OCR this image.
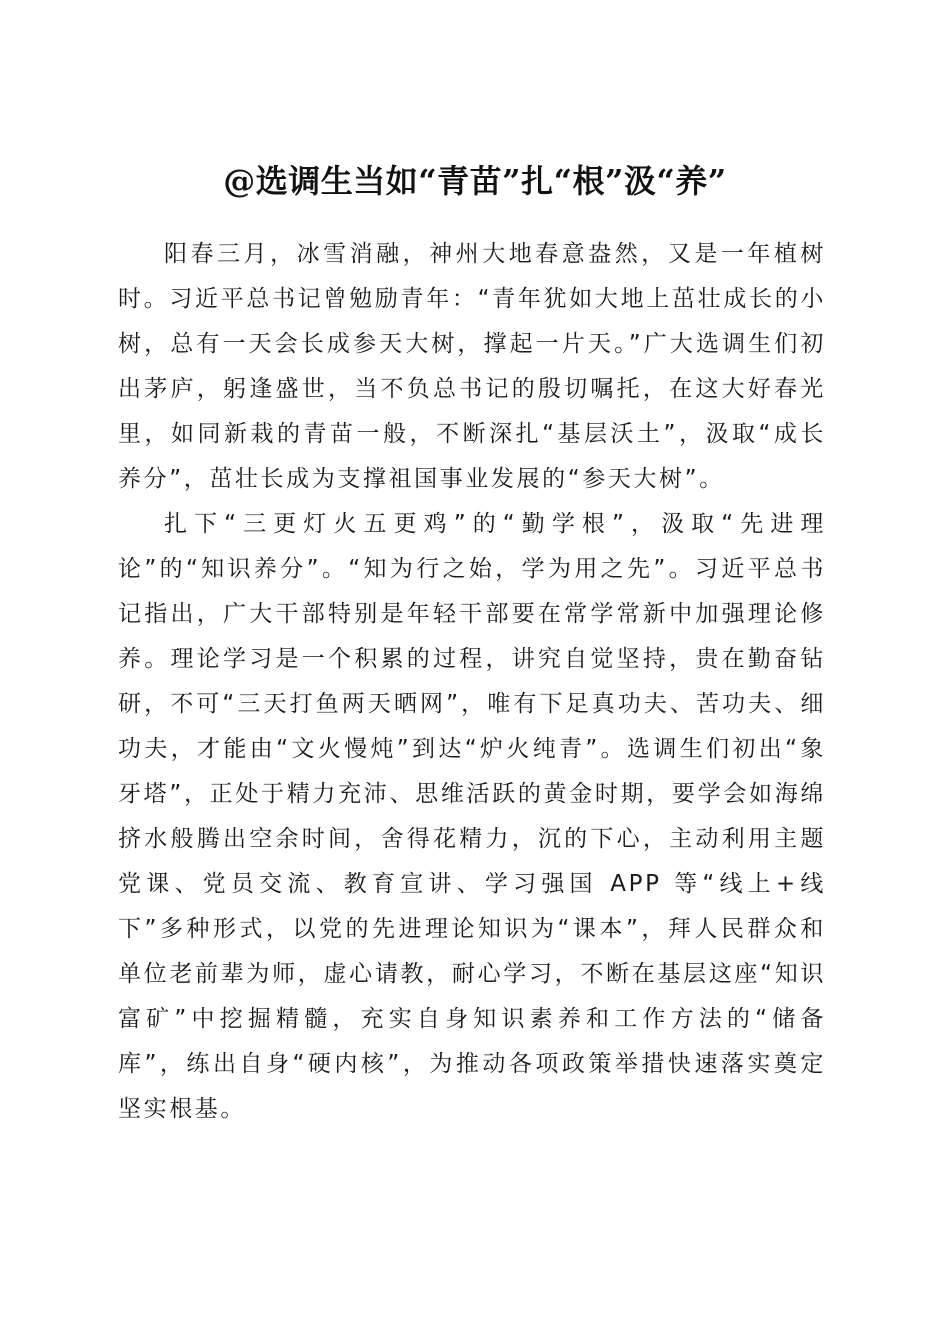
@选调生当如“青苗”扎“根”汲“养”

阳春三月，冰雪消融，神州大地春意盎然，又是一年植树时。习近平总书记曾勉励青年：“青年犹如大地上茁壮成长的小树，总有一天会长成参天大树，撑起一片天。”广大选调生们初出茅庐，躬逢盛世，当不负总书记的殷切嘱托，在这大好春光里，如同新栽的青苗一般，不断深扎“基层沃土”，汲取“成长养分”，茁壮长成为支撑祖国事业发展的“参天大树”。

扎下“三更灯火五更鸡”的“勤学根”，汲取“先进理论”的“知识养分”。“知为行之始，学为用之先”。习近平总书记指出，广大干部特别是年轻干部要在常学常新中加强理论修养。理论学习是一个积累的过程，讲究自觉坚持，贵在勤奋钻研，不可“三天打鱼两天晒网”，唯有下足真功夫、苦功夫、细功夫，才能由“文火慢炖”到达“炉火纯青”。选调生们初出“象牙塔”，正处于精力充沛、思维活跃的黄金时期，要学会如海绵挤水般腾出空余时间，舍得花精力，沉的下心，主动利用主题党课、党员交流、教育宣讲、学习强国 APP 等“线上+线下”多种形式，以党的先进理论知识为“课本”，拜人民群众和单位老前辈为师，虚心请教，耐心学习，不断在基层这座“知识富矿”中挖掘精髓，充实自身知识素养和工作方法的“储备库”，练出自身“硬内核”，为推动各项政策举措快速落实奠定坚实根基。
